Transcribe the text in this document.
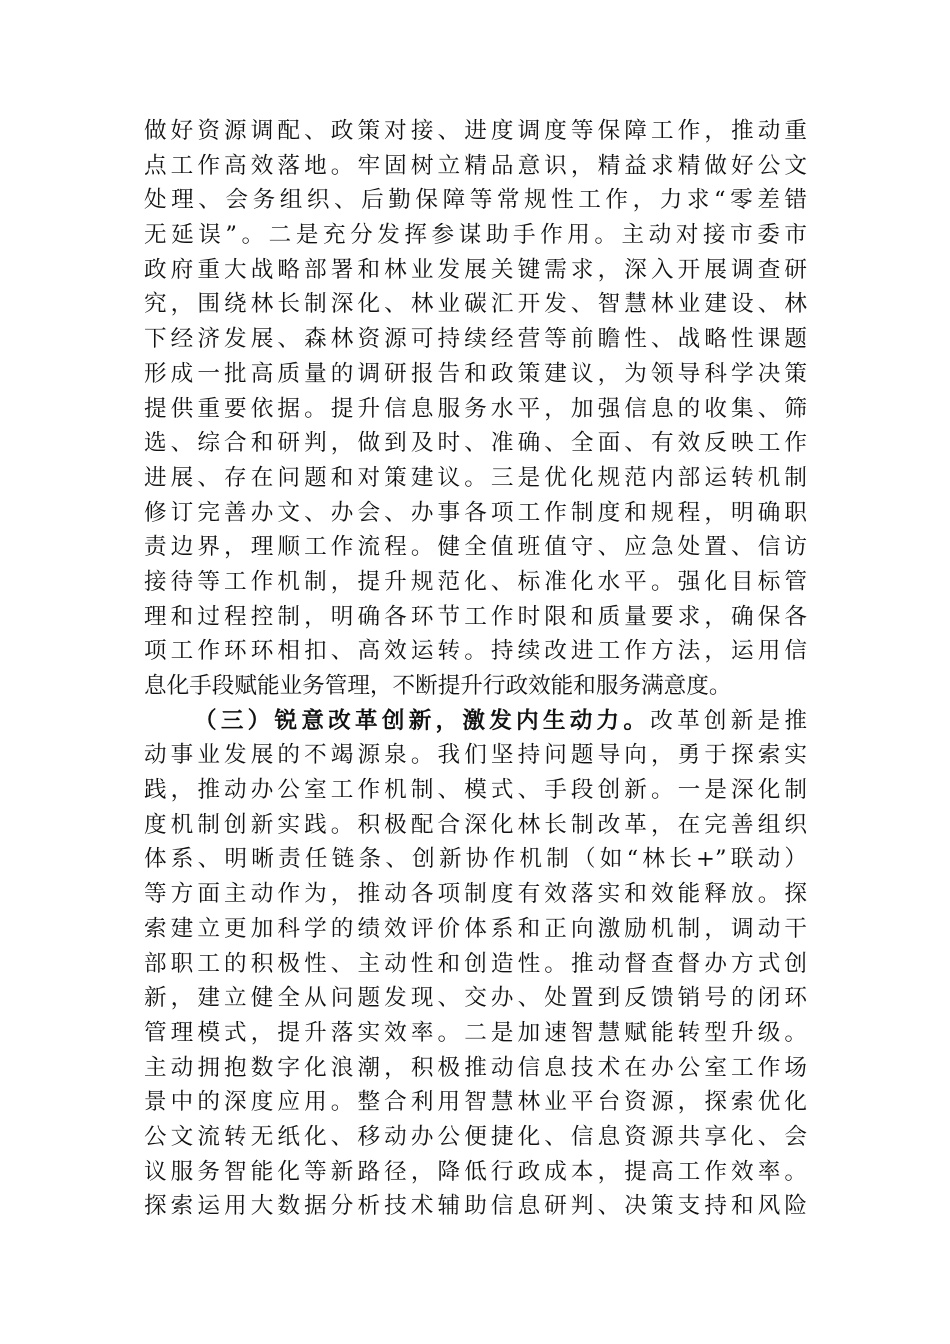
做好资源调配、政策对接、进度调度等保障工作，推动重
点工作高效落地。牢固树立精品意识，精益求精做好公文
处理、会务组织、后勤保障等常规性工作，力求“零差错
无延误”。二是充分发挥参谋助手作用。主动对接市委市
政府重大战略部署和林业发展关键需求，深入开展调查研
究，围绕林长制深化、林业碳汇开发、智慧林业建设、林
下经济发展、森林资源可持续经营等前瞻性、战略性课题
形成一批高质量的调研报告和政策建议，为领导科学决策
提供重要依据。提升信息服务水平，加强信息的收集、筛
选、综合和研判，做到及时、准确、全面、有效反映工作
进展、存在问题和对策建议。三是优化规范内部运转机制
修订完善办文、办会、办事各项工作制度和规程，明确职
责边界，理顺工作流程。健全值班值守、应急处置、信访
接待等工作机制，提升规范化、标准化水平。强化目标管
理和过程控制，明确各环节工作时限和质量要求，确保各
项工作环环相扣、高效运转。持续改进工作方法，运用信
息化手段赋能业务管理，不断提升行政效能和服务满意度。
（三）锐意改革创新，激发内生动力。改革创新是推
动事业发展的不竭源泉。我们坚持问题导向，勇于探索实
践，推动办公室工作机制、模式、手段创新。一是深化制
度机制创新实践。积极配合深化林长制改革，在完善组织
体系、明晰责任链条、创新协作机制（如“林长+”联动）
等方面主动作为，推动各项制度有效落实和效能释放。探
索建立更加科学的绩效评价体系和正向激励机制，调动干
部职工的积极性、主动性和创造性。推动督查督办方式创
新，建立健全从问题发现、交办、处置到反馈销号的闭环
管理模式，提升落实效率。二是加速智慧赋能转型升级。
主动拥抱数字化浪潮，积极推动信息技术在办公室工作场
景中的深度应用。整合利用智慧林业平台资源，探索优化
公文流转无纸化、移动办公便捷化、信息资源共享化、会
议服务智能化等新路径，降低行政成本，提高工作效率。
探索运用大数据分析技术辅助信息研判、决策支持和风险
